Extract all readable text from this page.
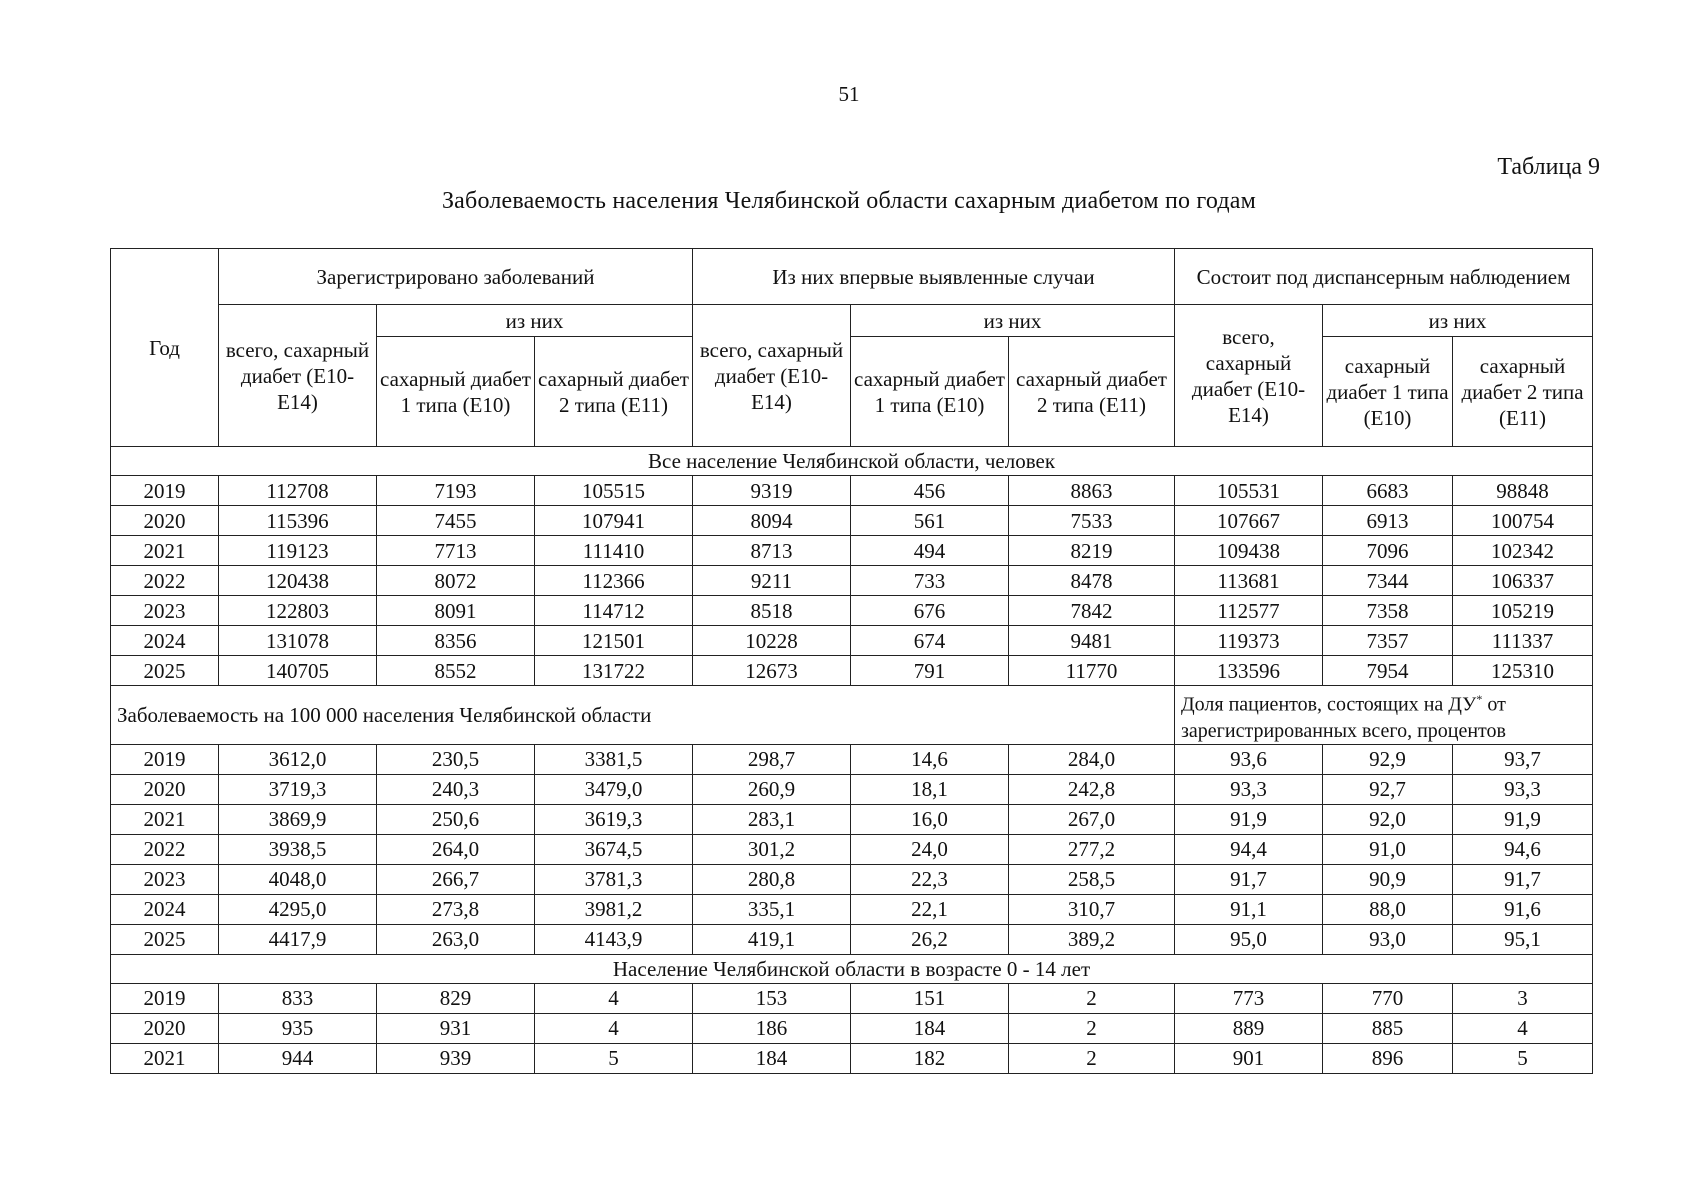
51
Таблица 9
Заболеваемость населения Челябинской области сахарным диабетом по годам
Год	Зарегистрировано заболеваний			Из них впервые выявленные случаи			Состоит под диспансерным наблюдением		
	всего, сахарный диабет (E10-E14)	из них		всего, сахарный диабет (E10-E14)	из них		всего, сахарный диабет (E10-E14)	из них	
		сахарный диабет 1 типа (E10)	сахарный диабет 2 типа (E11)		сахарный диабет 1 типа (E10)	сахарный диабет 2 типа (E11)		сахарный диабет 1 типа (E10)	сахарный диабет 2 типа (E11)
Все население Челябинской области, человек									
2019	112708	7193	105515	9319	456	8863	105531	6683	98848
2020	115396	7455	107941	8094	561	7533	107667	6913	100754
2021	119123	7713	111410	8713	494	8219	109438	7096	102342
2022	120438	8072	112366	9211	733	8478	113681	7344	106337
2023	122803	8091	114712	8518	676	7842	112577	7358	105219
2024	131078	8356	121501	10228	674	9481	119373	7357	111337
2025	140705	8552	131722	12673	791	11770	133596	7954	125310
Заболеваемость на 100 000 населения Челябинской области							Доля пациентов, состоящих на ДУ* от зарегистрированных всего, процентов		
2019	3612,0	230,5	3381,5	298,7	14,6	284,0	93,6	92,9	93,7
2020	3719,3	240,3	3479,0	260,9	18,1	242,8	93,3	92,7	93,3
2021	3869,9	250,6	3619,3	283,1	16,0	267,0	91,9	92,0	91,9
2022	3938,5	264,0	3674,5	301,2	24,0	277,2	94,4	91,0	94,6
2023	4048,0	266,7	3781,3	280,8	22,3	258,5	91,7	90,9	91,7
2024	4295,0	273,8	3981,2	335,1	22,1	310,7	91,1	88,0	91,6
2025	4417,9	263,0	4143,9	419,1	26,2	389,2	95,0	93,0	95,1
Население Челябинской области в возрасте 0 - 14 лет									
2019	833	829	4	153	151	2	773	770	3
2020	935	931	4	186	184	2	889	885	4
2021	944	939	5	184	182	2	901	896	5
